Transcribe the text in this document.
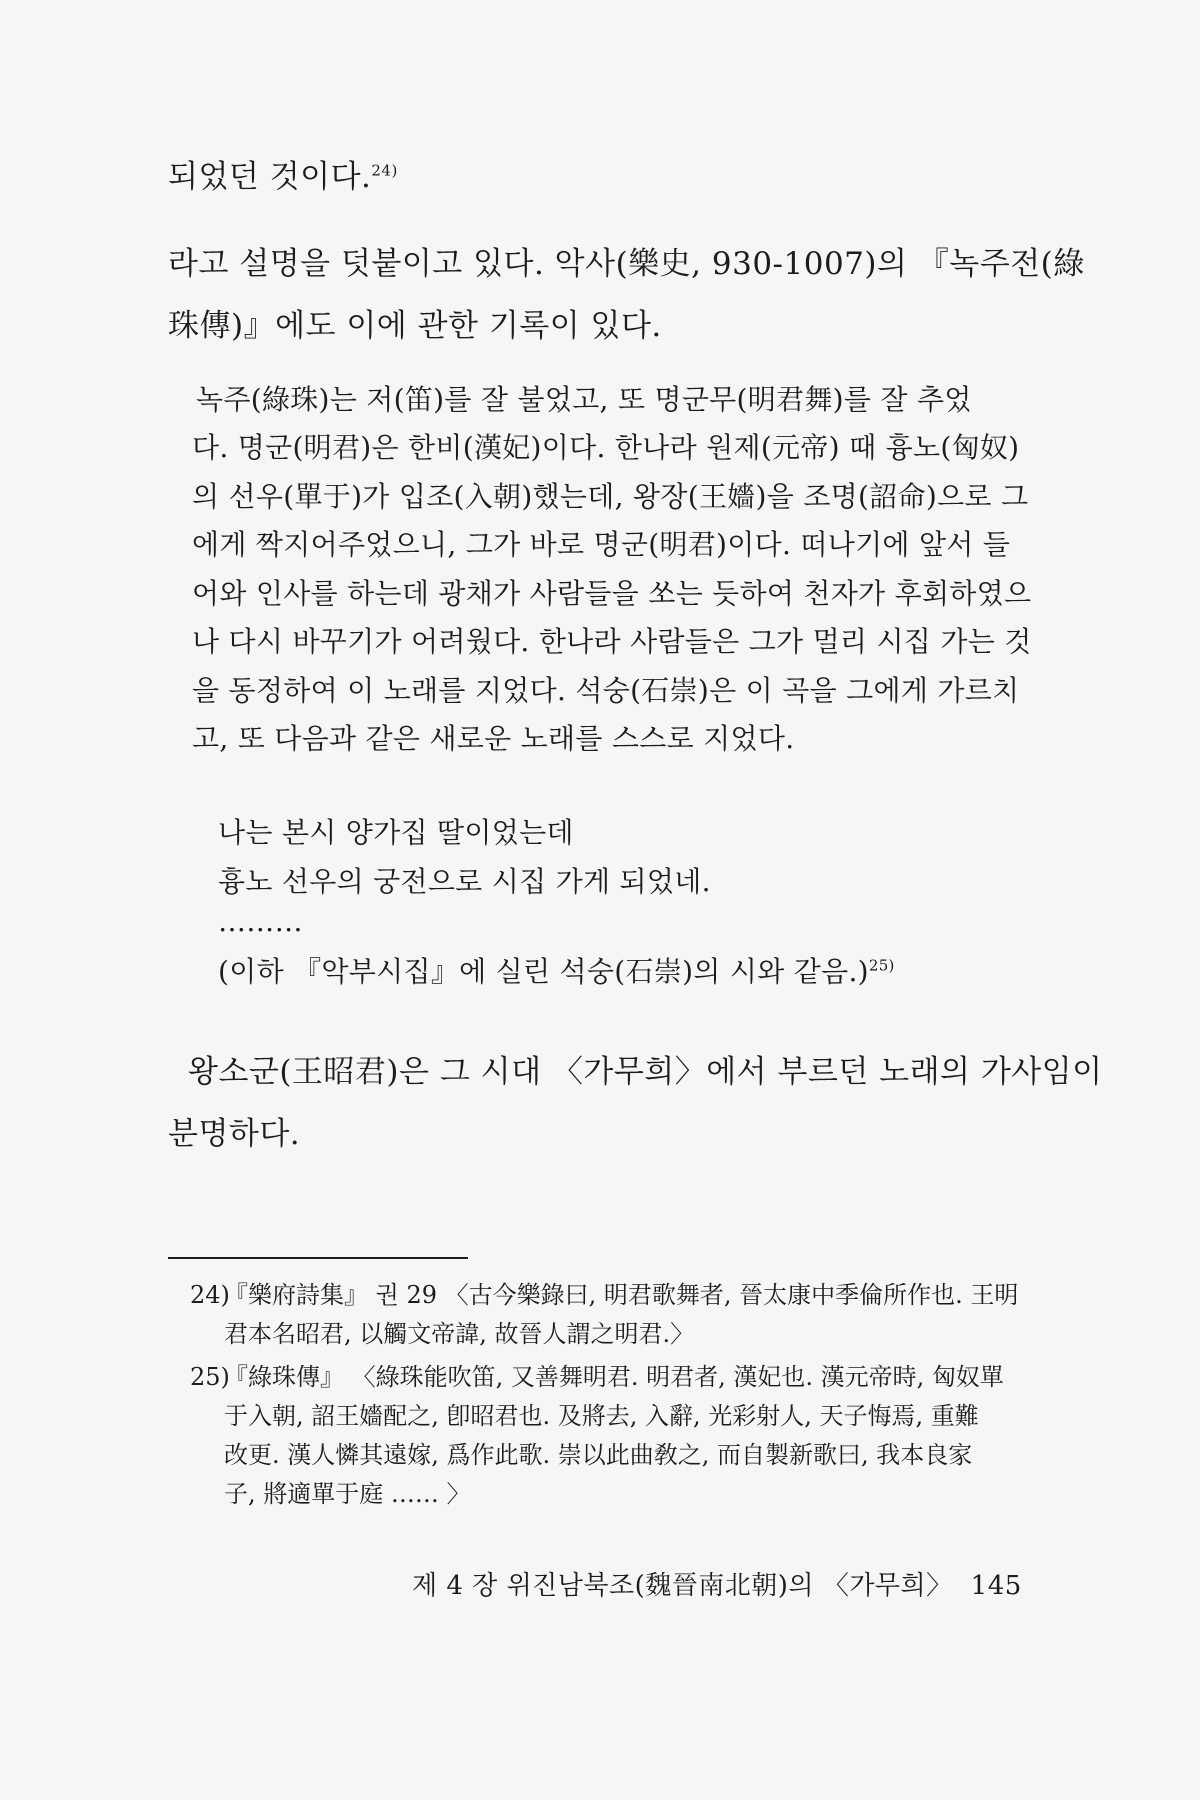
되었던 것이다.$^{24)}$

라고 설명을 덧붙이고 있다. 악사(樂史, 930-1007)의 『녹주전(綠

珠傳)』에도 이에 관한 기록이 있다.

녹주(綠珠)는 저(笛)를 잘 불었고, 또 명군무(明君舞)를 잘 추었

다. 명군(明君)은 한비(漢妃)이다. 한나라 원제(元帝) 때 흉노(匈奴)

의 선우(單于)가 입조(入朝)했는데, 왕장(王嬙)을 조명(詔命)으로 그

에게 짝지어주었으니, 그가 바로 명군(明君)이다. 떠나기에 앞서 들

어와 인사를 하는데 광채가 사람들을 쏘는 듯하여 천자가 후회하였으

나 다시 바꾸기가 어려웠다. 한나라 사람들은 그가 멀리 시집 가는 것

을 동정하여 이 노래를 지었다. 석숭(石崇)은 이 곡을 그에게 가르치

고, 또 다음과 같은 새로운 노래를 스스로 지었다.

나는 본시 양가집 딸이었는데

흉노 선우의 궁전으로 시집 가게 되었네.

………

(이하 『악부시집』에 실린 석숭(石崇)의 시와 같음.)$^{25)}$

왕소군(王昭君)은 그 시대 〈가무희〉에서 부르던 노래의 가사임이

분명하다.

24)『樂府詩集』 권 29 〈古今樂錄曰, 明君歌舞者, 晉太康中季倫所作也. 王明
君本名昭君, 以觸文帝諱, 故晉人謂之明君.〉
25)『綠珠傳』 〈綠珠能吹笛, 又善舞明君. 明君者, 漢妃也. 漢元帝時, 匈奴單
于入朝, 詔王嬙配之, 卽昭君也. 及將去, 入辭, 光彩射人, 天子悔焉, 重難
改更. 漢人憐其遠嫁, 爲作此歌. 崇以此曲敎之, 而自製新歌曰, 我本良家
子, 將適單于庭 …… 〉
제 4 장 위진남북조(魏晉南北朝)의 〈가무희〉 145
